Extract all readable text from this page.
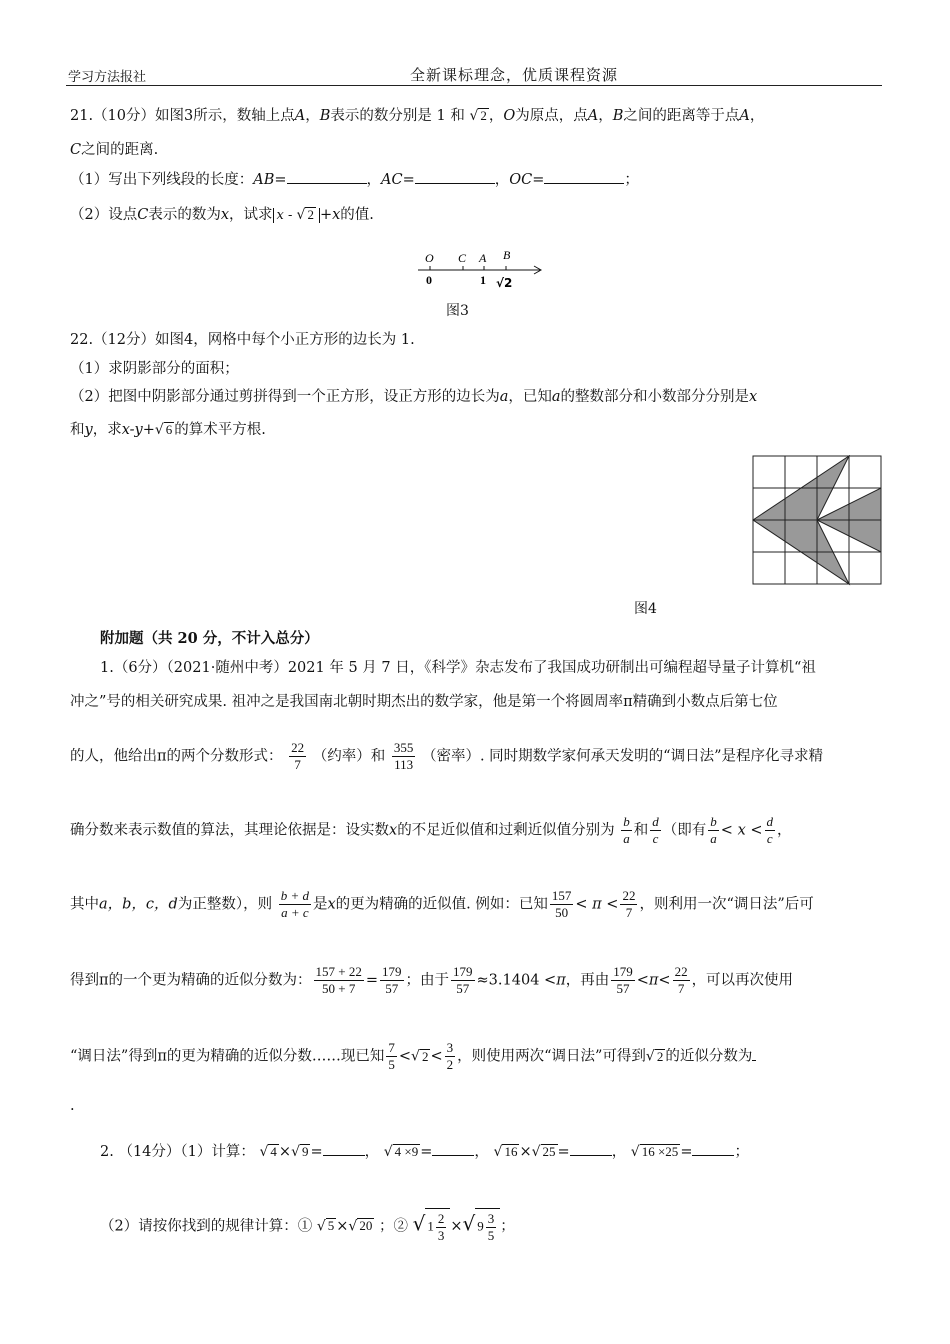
学习方法报社	全新课标理念，优质课程资源
21.（10分）如图3所示，数轴上点A，B表示的数分别是 1 和 √ 2 ，O为原点，点A，B之间的距离等于点A，
C之间的距离.
（1）写出下列线段的长度：AB=	，AC=	，OC=	；
（2）设点C表示的数为x，试求 x - √ 2 +x的值.
O C A B
0	1 √2
图3
22.（12分）如图4，网格中每个小正方形的边长为 1.
（1）求阴影部分的面积；
（2）把图中阴影部分通过剪拼得到一个正方形，设正方形的边长为a，已知a的整数部分和小数部分分别是x
和y，求x-y+√ 6 的算术平方根.
图4
附加题（共 20 分，不计入总分）
1.（6分）（2021·随州中考）2021 年 5 月 7 日，《科学》杂志发布了我国成功研制出可编程超导量子计算机“祖
冲之”号的相关研究成果. 祖冲之是我国南北朝时期杰出的数学家，他是第一个将圆周率π精确到小数点后第七位
的人，他给出π的两个分数形式： $\frac{22}{7}$ （约率）和 $\frac{355}{113}$ （密率）. 同时期数学家何承天发明的“调日法”是程序化寻求精
确分数来表示数值的算法，其理论依据是：设实数x的不足近似值和过剩近似值分别为 $\frac{b}{a}$ 和 $\frac{d}{c}$ （即有 $\frac{b}{a} < x < \frac{d}{c}$ ，
其中a，b，c，d为正整数），则 $\frac{b + d}{a + c}$ 是x的更为精确的近似值. 例如：已知 $\frac{157}{50} < \pi < \frac{22}{7}$ ，则利用一次“调日法”后可
得到π的一个更为精确的近似分数为： $\frac{157 + 22}{50 + 7} = \frac{179}{57}$ ；由于 $\frac{179}{57} \approx 3.1404 <\pi$，再由 $\frac{179}{57} <\pi< \frac{22}{7}$ ，可以再次使用
“调日法”得到π的更为精确的近似分数……现已知 $\frac{7}{5}$ <√ $2 < \frac{3}{2}$ ，则使用两次“调日法”可得到√ 2 的近似分数为
.
2. （14分）（1）计算： √ 4 ×√ 9 =	， √ 4 ×9 =	， √ 16 ×√ 25 =	， √ 16 ×25 =	；
（2）请按你找到的规律计算：① √ 5 ×√ 20 ；② √ $1 \frac{2}{3}$ ×√ $9 \frac{3}{5}$ ；
